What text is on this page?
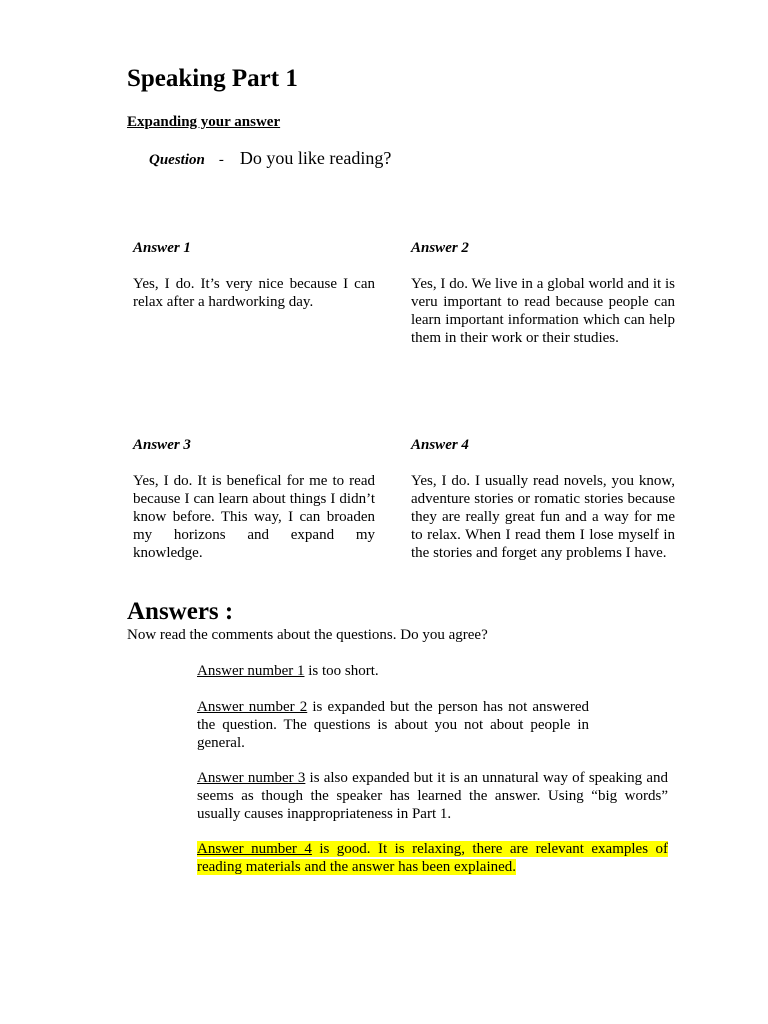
Speaking Part 1
Expanding your answer
Question - Do you like reading?
Answer 1
Yes, I do. It’s very nice because I can relax after a hardworking day.
Answer 2
Yes, I do. We live in a global world and it is veru important to read because people can learn important information which can help them in their work or their studies.
Answer 3
Yes, I do. It is benefical for me to read because I can learn about things I didn’t know before. This way, I can broaden my horizons and expand my knowledge.
Answer 4
Yes, I do. I usually read novels, you know, adventure stories or romatic stories because they are really great fun and a way for me to relax. When I read them I lose myself in the stories and forget any problems I have.
Answers :
Now read the comments about the questions. Do you agree?
Answer number 1 is too short.
Answer number 2 is expanded but the person has not answered the question. The questions is about you not about people in general.
Answer number 3 is also expanded but it is an unnatural way of speaking and seems as though the speaker has learned the answer. Using “big words” usually causes inappropriateness in Part 1.
Answer number 4 is good. It is relaxing, there are relevant examples of reading materials and the answer has been explained.
